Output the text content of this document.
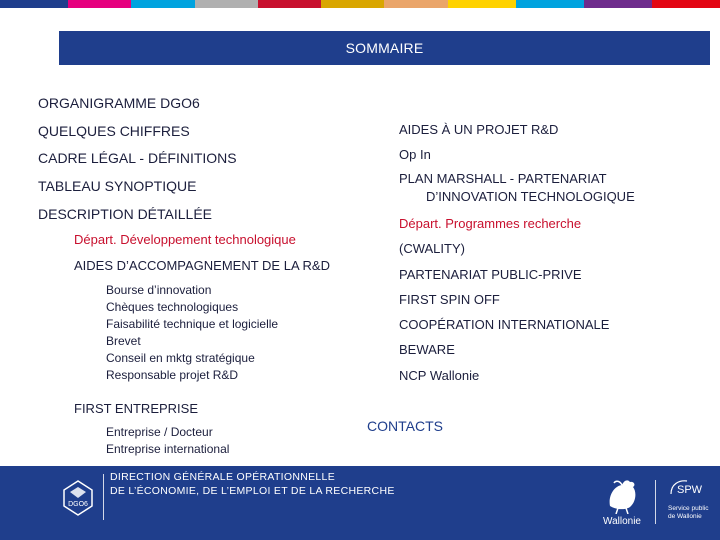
SOMMAIRE
ORGANIGRAMME DGO6
QUELQUES CHIFFRES
CADRE LÉGAL - DÉFINITIONS
TABLEAU SYNOPTIQUE
DESCRIPTION DÉTAILLÉE
Départ. Développement technologique
AIDES D’ACCOMPAGNEMENT DE LA R&D
Bourse d’innovation
Chèques technologiques
Faisabilité technique et logicielle
Brevet
Conseil en mktg stratégique
Responsable projet R&D
FIRST ENTREPRISE
Entreprise / Docteur
Entreprise international
AIDES À UN PROJET R&D
Op In
PLAN MARSHALL - PARTENARIAT
D’INNOVATION TECHNOLOGIQUE
Départ. Programmes recherche
(CWALITY)
PARTENARIAT PUBLIC-PRIVE
FIRST SPIN OFF
COOPÉRATION INTERNATIONALE
BEWARE
NCP Wallonie
CONTACTS
DGO6
DIRECTION GÉNÉRALE OPÉRATIONNELLE
DE L’ÉCONOMIE, DE L’EMPLOI ET DE LA RECHERCHE
Wallonie
SPW
Service public
de Wallonie
